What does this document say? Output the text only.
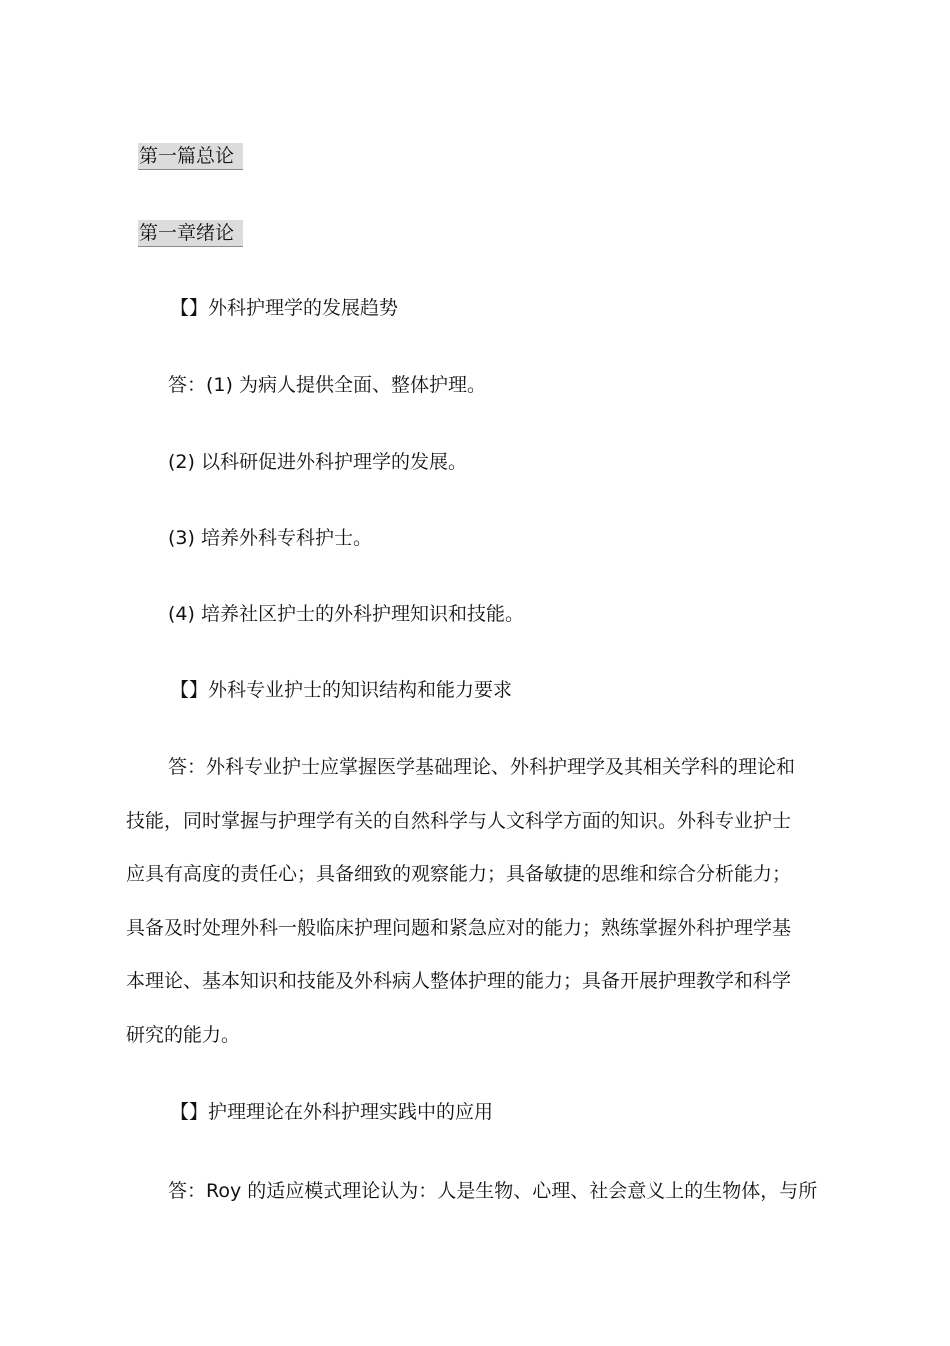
第一篇总论
第一章绪论
【】外科护理学的发展趋势
答：(1) 为病人提供全面、整体护理。
(2) 以科研促进外科护理学的发展。
(3) 培养外科专科护士。
(4) 培养社区护士的外科护理知识和技能。
【】外科专业护士的知识结构和能力要求
答：外科专业护士应掌握医学基础理论、外科护理学及其相关学科的理论和
技能，同时掌握与护理学有关的自然科学与人文科学方面的知识。外科专业护士
应具有高度的责任心；具备细致的观察能力；具备敏捷的思维和综合分析能力；
具备及时处理外科一般临床护理问题和紧急应对的能力；熟练掌握外科护理学基
本理论、基本知识和技能及外科病人整体护理的能力；具备开展护理教学和科学
研究的能力。
【】护理理论在外科护理实践中的应用
答：Roy 的适应模式理论认为：人是生物、心理、社会意义上的生物体，与所
